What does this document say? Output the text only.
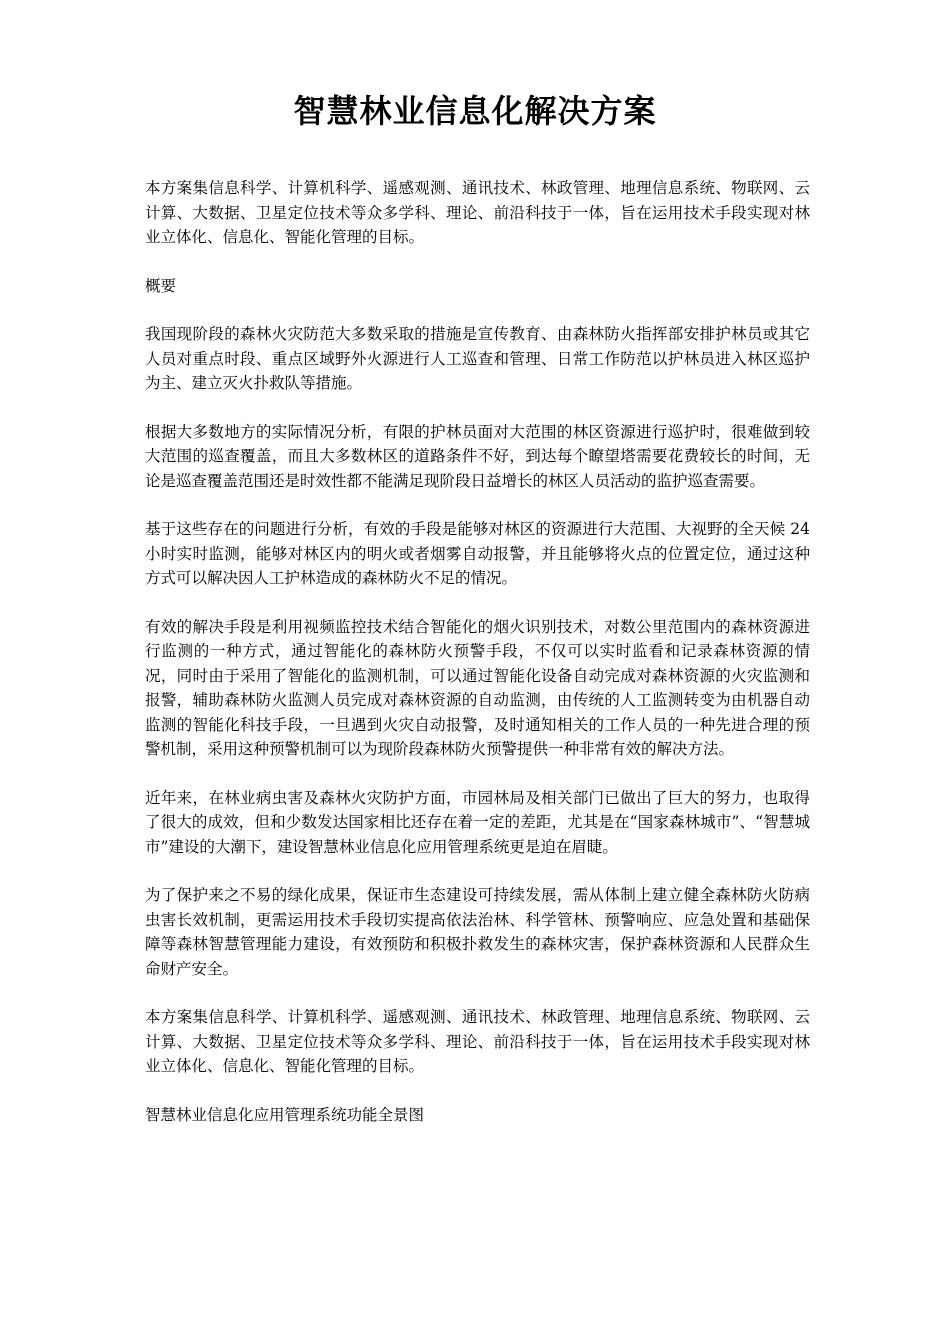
智慧林业信息化解决方案

本方案集信息科学、计算机科学、遥感观测、通讯技术、林政管理、地理信息系统、物联网、云计算、大数据、卫星定位技术等众多学科、理论、前沿科技于一体，旨在运用技术手段实现对林业立体化、信息化、智能化管理的目标。

概要

我国现阶段的森林火灾防范大多数采取的措施是宣传教育、由森林防火指挥部安排护林员或其它人员对重点时段、重点区域野外火源进行人工巡查和管理、日常工作防范以护林员进入林区巡护为主、建立灭火扑救队等措施。

根据大多数地方的实际情况分析，有限的护林员面对大范围的林区资源进行巡护时，很难做到较大范围的巡查覆盖，而且大多数林区的道路条件不好，到达每个瞭望塔需要花费较长的时间，无论是巡查覆盖范围还是时效性都不能满足现阶段日益增长的林区人员活动的监护巡查需要。

基于这些存在的问题进行分析，有效的手段是能够对林区的资源进行大范围、大视野的全天候 24 小时实时监测，能够对林区内的明火或者烟雾自动报警，并且能够将火点的位置定位，通过这种方式可以解决因人工护林造成的森林防火不足的情况。

有效的解决手段是利用视频监控技术结合智能化的烟火识别技术，对数公里范围内的森林资源进行监测的一种方式，通过智能化的森林防火预警手段，不仅可以实时监看和记录森林资源的情况，同时由于采用了智能化的监测机制，可以通过智能化设备自动完成对森林资源的火灾监测和报警，辅助森林防火监测人员完成对森林资源的自动监测，由传统的人工监测转变为由机器自动监测的智能化科技手段，一旦遇到火灾自动报警，及时通知相关的工作人员的一种先进合理的预警机制，采用这种预警机制可以为现阶段森林防火预警提供一种非常有效的解决方法。

近年来，在林业病虫害及森林火灾防护方面，市园林局及相关部门已做出了巨大的努力，也取得了很大的成效，但和少数发达国家相比还存在着一定的差距，尤其是在“国家森林城市”、“智慧城市”建设的大潮下，建设智慧林业信息化应用管理系统更是迫在眉睫。

为了保护来之不易的绿化成果，保证市生态建设可持续发展，需从体制上建立健全森林防火防病虫害长效机制，更需运用技术手段切实提高依法治林、科学管林、预警响应、应急处置和基础保障等森林智慧管理能力建设，有效预防和积极扑救发生的森林灾害，保护森林资源和人民群众生命财产安全。

本方案集信息科学、计算机科学、遥感观测、通讯技术、林政管理、地理信息系统、物联网、云计算、大数据、卫星定位技术等众多学科、理论、前沿科技于一体，旨在运用技术手段实现对林业立体化、信息化、智能化管理的目标。

智慧林业信息化应用管理系统功能全景图
